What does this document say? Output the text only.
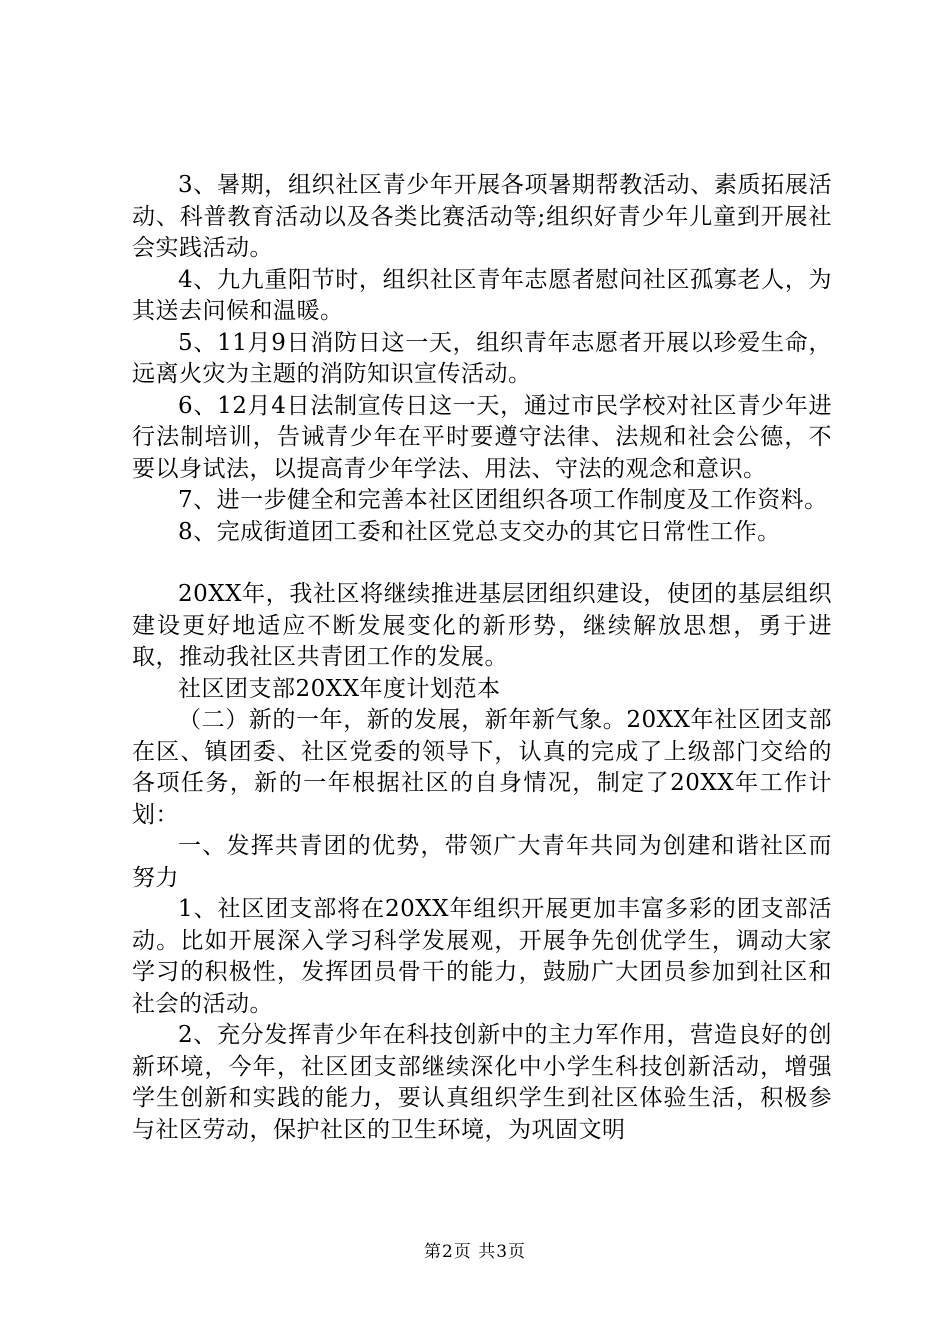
3、暑期，组织社区青少年开展各项暑期帮教活动、素质拓展活动、科普教育活动以及各类比赛活动等;组织好青少年儿童到开展社会实践活动。

4、九九重阳节时，组织社区青年志愿者慰问社区孤寡老人，为其送去问候和温暖。

5、11月9日消防日这一天，组织青年志愿者开展以珍爱生命，远离火灾为主题的消防知识宣传活动。

6、12月4日法制宣传日这一天，通过市民学校对社区青少年进行法制培训，告诫青少年在平时要遵守法律、法规和社会公德，不要以身试法，以提高青少年学法、用法、守法的观念和意识。

7、进一步健全和完善本社区团组织各项工作制度及工作资料。

8、完成街道团工委和社区党总支交办的其它日常性工作。

20XX年，我社区将继续推进基层团组织建设，使团的基层组织建设更好地适应不断发展变化的新形势，继续解放思想，勇于进取，推动我社区共青团工作的发展。

社区团支部20XX年度计划范本

（二）新的一年，新的发展，新年新气象。20XX年社区团支部在区、镇团委、社区党委的领导下，认真的完成了上级部门交给的各项任务，新的一年根据社区的自身情况，制定了20XX年工作计划：

一、发挥共青团的优势，带领广大青年共同为创建和谐社区而努力

1、社区团支部将在20XX年组织开展更加丰富多彩的团支部活动。比如开展深入学习科学发展观，开展争先创优学生，调动大家学习的积极性，发挥团员骨干的能力，鼓励广大团员参加到社区和社会的活动。

2、充分发挥青少年在科技创新中的主力军作用，营造良好的创新环境，今年，社区团支部继续深化中小学生科技创新活动，增强学生创新和实践的能力，要认真组织学生到社区体验生活，积极参与社区劳动，保护社区的卫生环境，为巩固文明

第2页 共3页
